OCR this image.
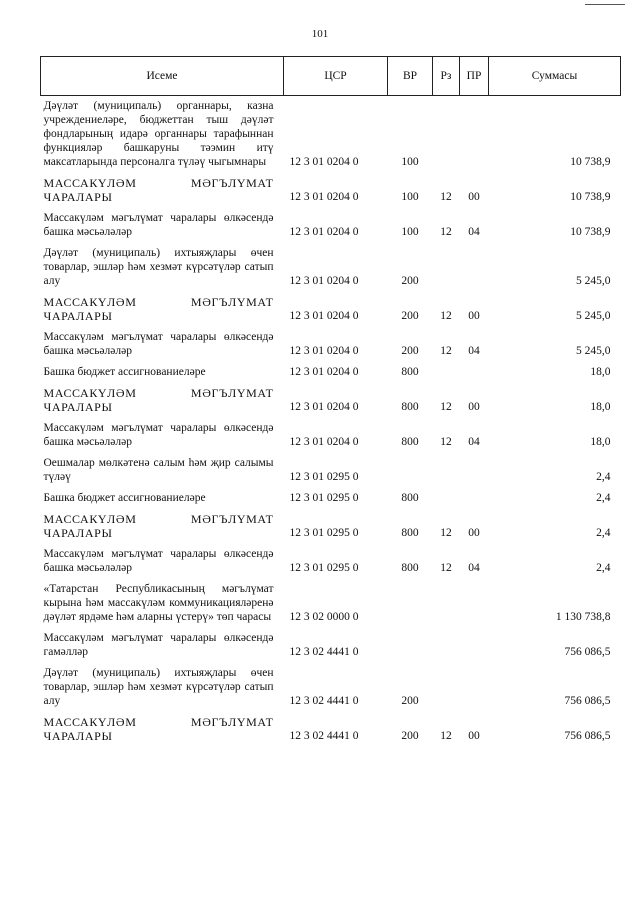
101
Исеме	ЦСР	ВР	Рз	ПР	Суммасы
Дәүләт (муниципаль) органнары, казна учреждениеләре, бюджеттан тыш дәүләт фондларының идарә органнары тарафыннан функцияләр башкаруны тәэмин итү максатларында персоналга түләү чыгымнары	12 3 01 0204 0	100			10 738,9
МАССАКҮЛӘМ МӘГЪЛҮМАТ ЧАРАЛАРЫ	12 3 01 0204 0	100	12	00	10 738,9
Массакүләм мәгълүмат чаралары өлкәсендә башка мәсьәләләр	12 3 01 0204 0	100	12	04	10 738,9
Дәүләт (муниципаль) ихтыяҗлары өчен товарлар, эшләр һәм хезмәт күрсәтүләр сатып алу	12 3 01 0204 0	200			5 245,0
МАССАКҮЛӘМ МӘГЪЛҮМАТ ЧАРАЛАРЫ	12 3 01 0204 0	200	12	00	5 245,0
Массакүләм мәгълүмат чаралары өлкәсендә башка мәсьәләләр	12 3 01 0204 0	200	12	04	5 245,0
Башка бюджет ассигнованиеләре	12 3 01 0204 0	800			18,0
МАССАКҮЛӘМ МӘГЪЛҮМАТ ЧАРАЛАРЫ	12 3 01 0204 0	800	12	00	18,0
Массакүләм мәгълүмат чаралары өлкәсендә башка мәсьәләләр	12 3 01 0204 0	800	12	04	18,0
Оешмалар мөлкәтенә салым һәм җир салымы түләү	12 3 01 0295 0				2,4
Башка бюджет ассигнованиеләре	12 3 01 0295 0	800			2,4
МАССАКҮЛӘМ МӘГЪЛҮМАТ ЧАРАЛАРЫ	12 3 01 0295 0	800	12	00	2,4
Массакүләм мәгълүмат чаралары өлкәсендә башка мәсьәләләр	12 3 01 0295 0	800	12	04	2,4
«Татарстан Республикасының мәгълүмат кырына һәм массакүләм коммуникацияләренә дәүләт ярдәме һәм аларны үстерү» төп чарасы	12 3 02 0000 0				1 130 738,8
Массакүләм мәгълүмат чаралары өлкәсендә гамәлләр	12 3 02 4441 0				756 086,5
Дәүләт (муниципаль) ихтыяҗлары өчен товарлар, эшләр һәм хезмәт күрсәтүләр сатып алу	12 3 02 4441 0	200			756 086,5
МАССАКҮЛӘМ МӘГЪЛҮМАТ ЧАРАЛАРЫ	12 3 02 4441 0	200	12	00	756 086,5
